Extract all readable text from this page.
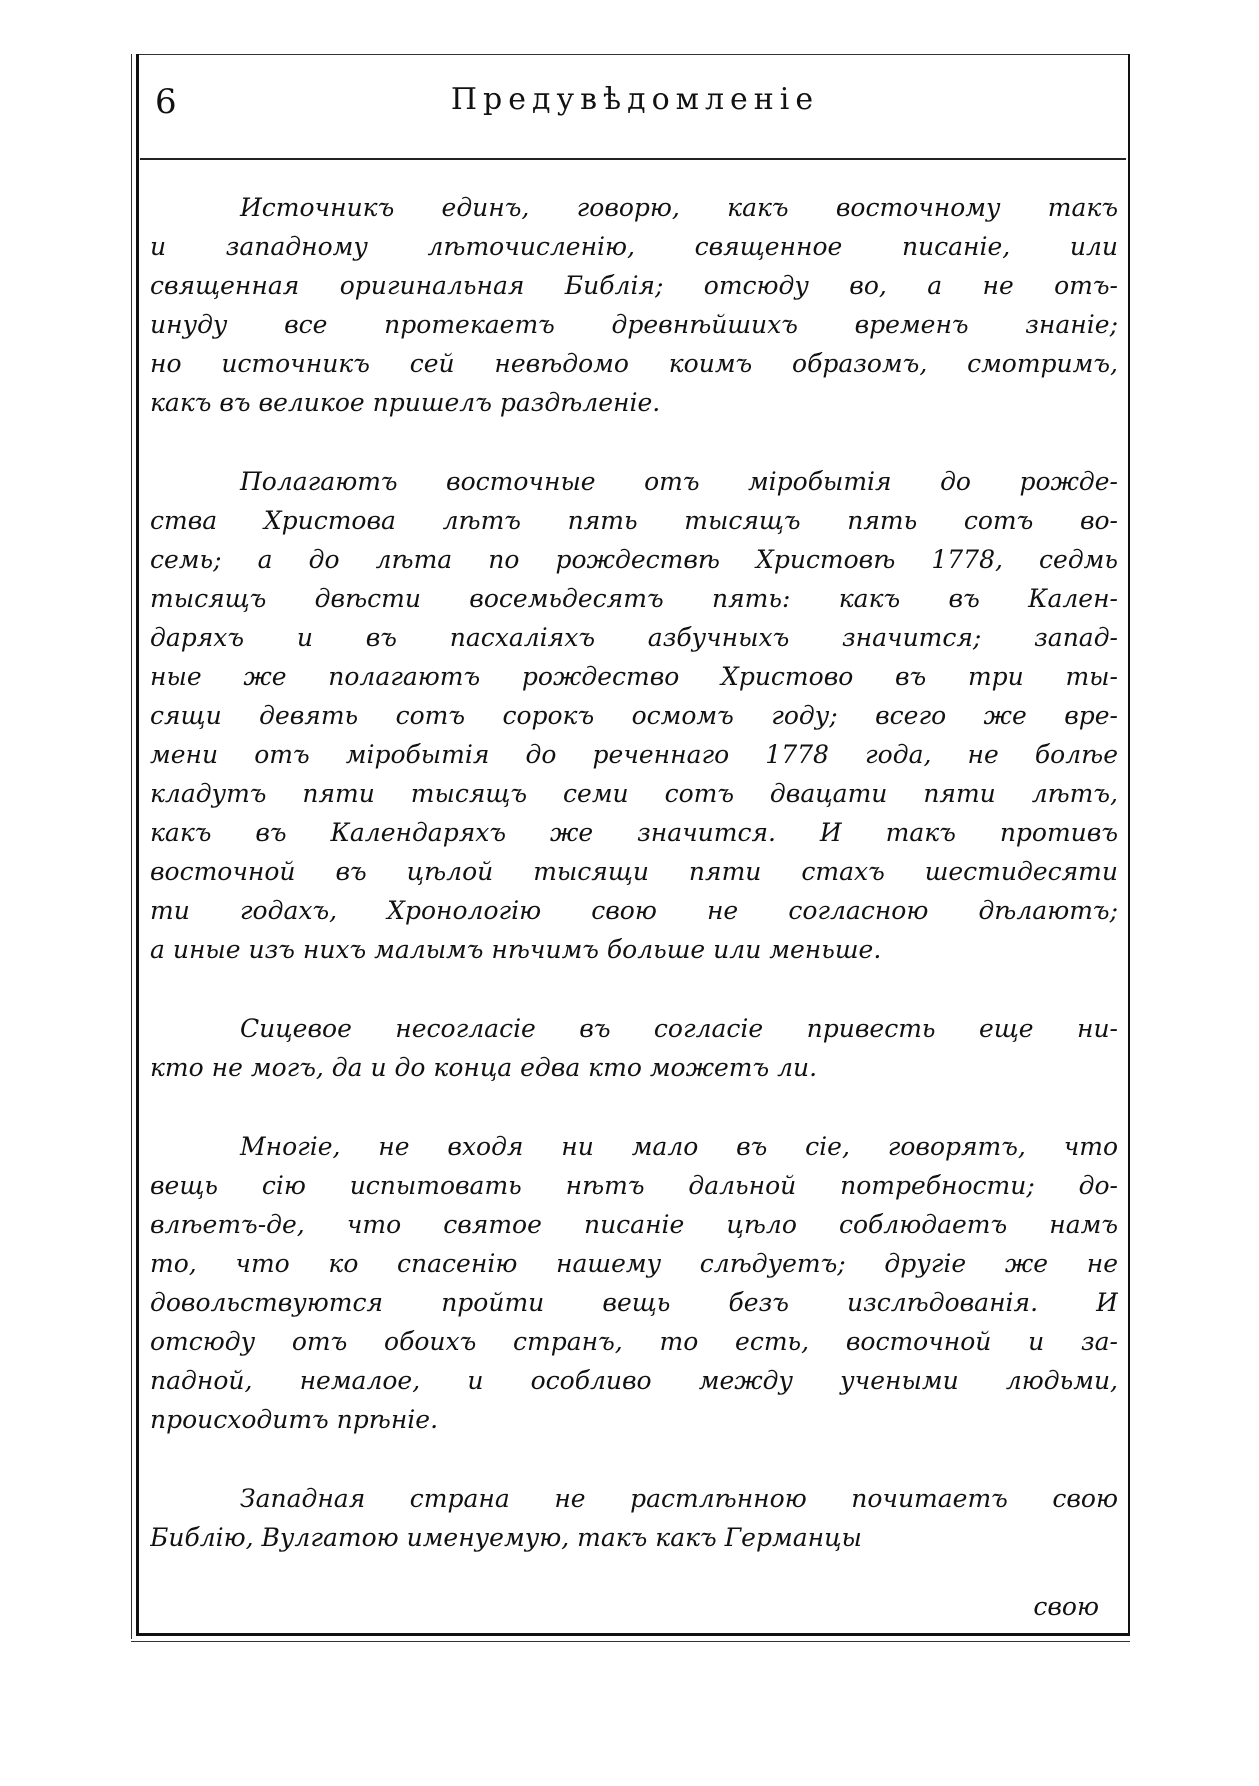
6	Предувѣдомленіе
Источникъ единъ, говорю, какъ восточному такъ
и западному лѣточисленію, священное писаніе, или
священная оригинальная Библія; отсюду во, а не отъ-
инуду все протекаетъ древнѣйшихъ временъ знаніе;
но источникъ сей невѣдомо коимъ образомъ, смотримъ,
какъ въ великое пришелъ раздѣленіе.
Полагаютъ восточные отъ міробытія до рожде-
ства Христова лѣтъ пять тысящъ пять сотъ во-
семь; а до лѣта по рождествѣ Христовѣ 1778, седмь
тысящъ двѣсти восемьдесятъ пять: какъ въ Кален-
даряхъ и въ пасхаліяхъ азбучныхъ значится; запад-
ные же полагаютъ рождество Христово въ три ты-
сящи девять сотъ сорокъ осмомъ году; всего же вре-
мени отъ міробытія до реченнаго 1778 года, не болѣе
кладутъ пяти тысящъ семи сотъ двацати пяти лѣтъ,
какъ въ Календаряхъ же значится. И такъ противъ
восточной въ цѣлой тысящи пяти стахъ шестидесяти
ти годахъ, Хронологію свою не согласною дѣлаютъ;
а иные изъ нихъ малымъ нѣчимъ больше или меньше.
Сицевое несогласіе въ согласіе привесть еще ни-
кто не могъ, да и до конца едва кто можетъ ли.
Многіе, не входя ни мало въ сіе, говорятъ, что
вещь сію испытовать нѣтъ дальной потребности; до-
влѣетъ-де, что святое писаніе цѣло соблюдаетъ намъ
то, что ко спасенію нашему слѣдуетъ; другіе же не
довольствуются пройти вещь безъ изслѣдованія. И
отсюду отъ обоихъ странъ, то есть, восточной и за-
падной, немалое, и особливо между учеными людьми,
происходитъ прѣніе.
Западная страна не растлѣнною почитаетъ свою
Библію, Вулгатою именуемую, такъ какъ Германцы
свою
